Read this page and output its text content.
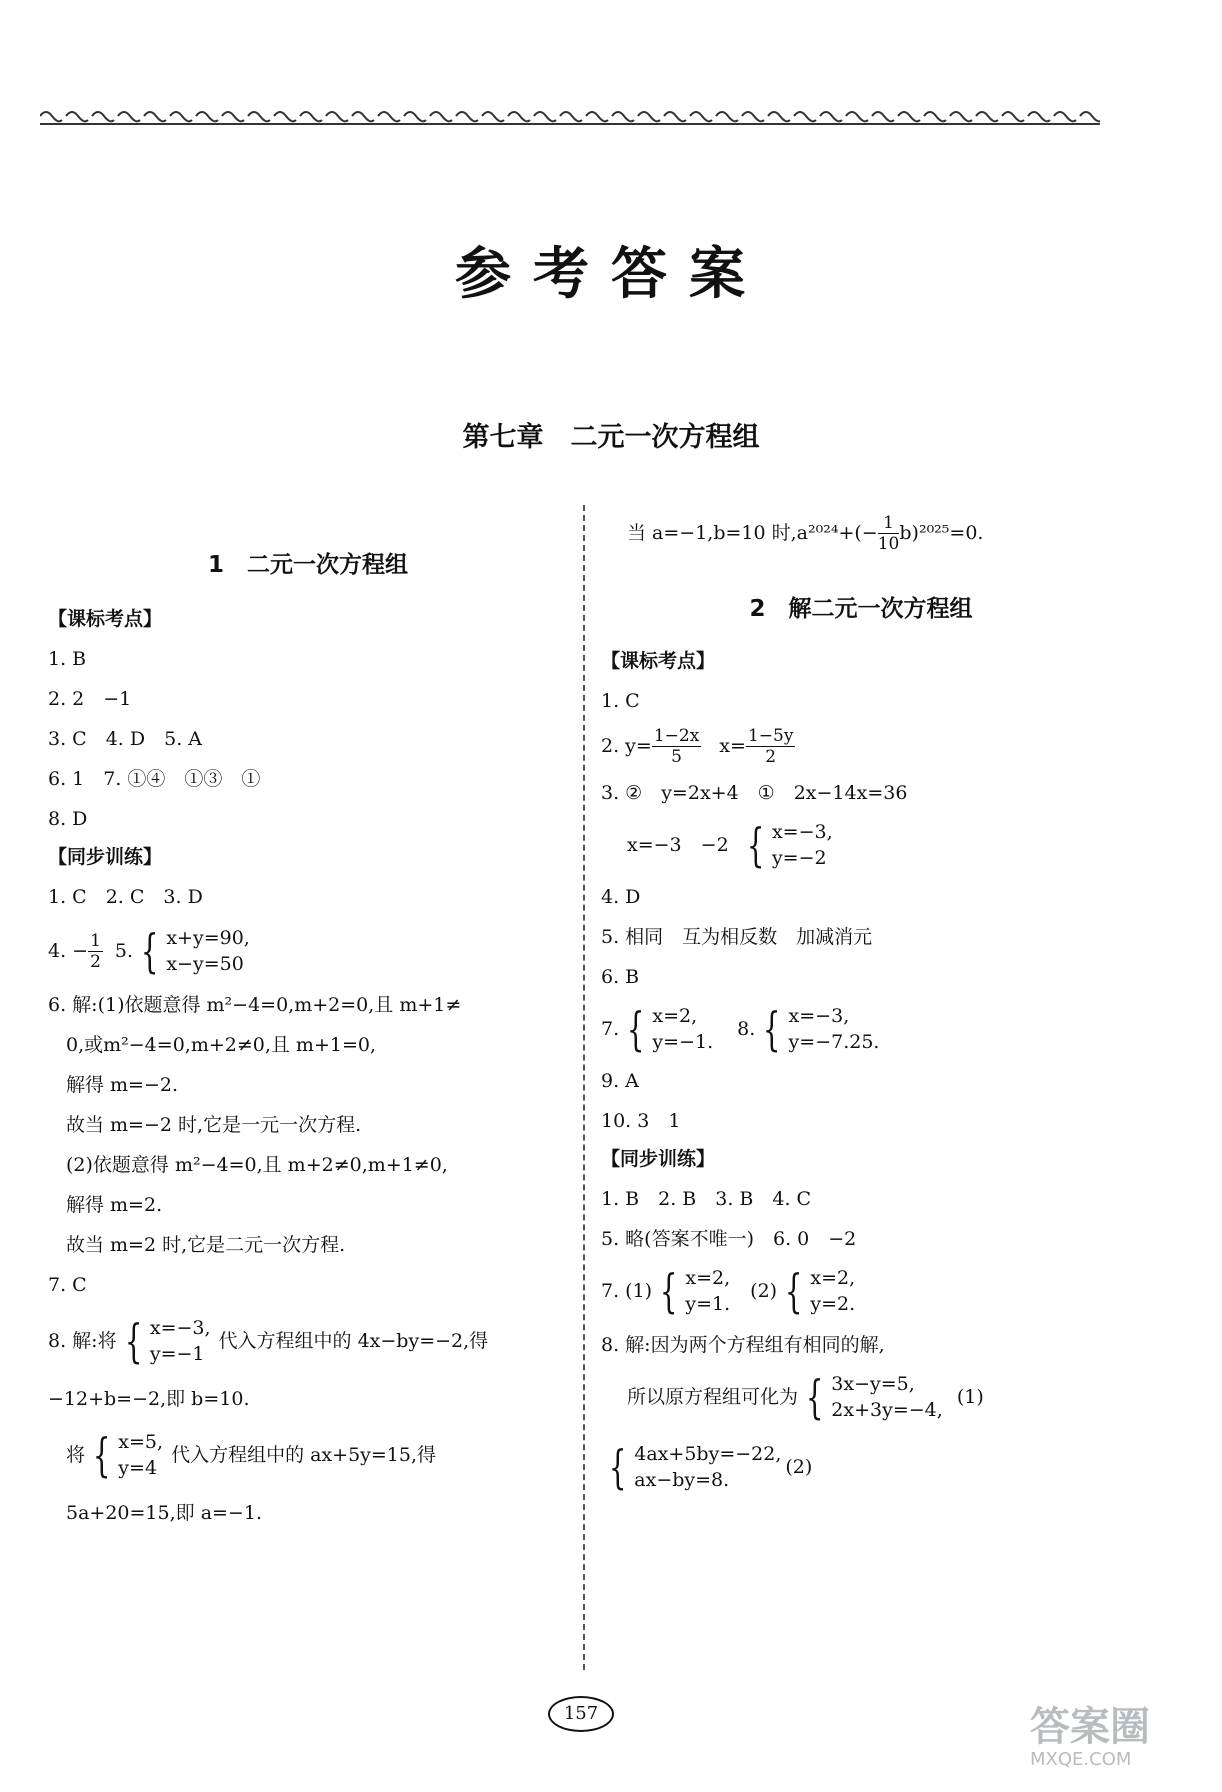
参考答案
第七章　二元一次方程组
1　二元一次方程组
【课标考点】
1. B
2. 2　−1
3. C　4. D　5. A
6. 1　7. ①④　①③　①
8. D
【同步训练】
1. C　2. C　3. D
4. − $\frac{1}{2} 5$. { x+y=90,
x−y=50
6. 解:(1)依题意得 m²−4=0,m+2=0,且 m+1≠
0,或m²−4=0,m+2≠0,且 m+1=0,
解得 m=−2.
故当 m=−2 时,它是一元一次方程.
(2)依题意得 m²−4=0,且 m+2≠0,m+1≠0,
解得 m=2.
故当 m=2 时,它是二元一次方程.
7. C
8. 解:将 { x=−3,
y=−1
代入方程组中的 4x−by=−2,得
−12+b=−2,即 b=10.
将 { x=5,
y=4
代入方程组中的 ax+5y=15,得
5a+20=15,即 a=−1.
当 a=−1,b=10 时$,a^{2024}+(- \frac{1}{10} b)^{2025}=0$.
2　解二元一次方程组
【课标考点】
1. C
2. $y= \frac{1-2x}{5} x= \frac{1-5y}{2}$
3. ②　y=2x+4　①　2x−14x=36
x=−3　−2 { x=−3,
y=−2
4. D
5. 相同　互为相反数　加减消元
6. B
7. { x=2,
y=−1.
8. { x=−3,
y=−7.25.
9. A
10. 3　1
【同步训练】
1. B　2. B　3. B　4. C
5. 略(答案不唯一)　6. 0　−2
7. (1) { x=2,
y=1.
(2) { x=2,
y=2.
8. 解:因为两个方程组有相同的解,
所以原方程组可化为 { 3x−y=5,
2x+3y=−4,
(1)
{ 4ax+5by=−22,
ax−by=8.
(2)
157	答案圈
MXQE.COM
